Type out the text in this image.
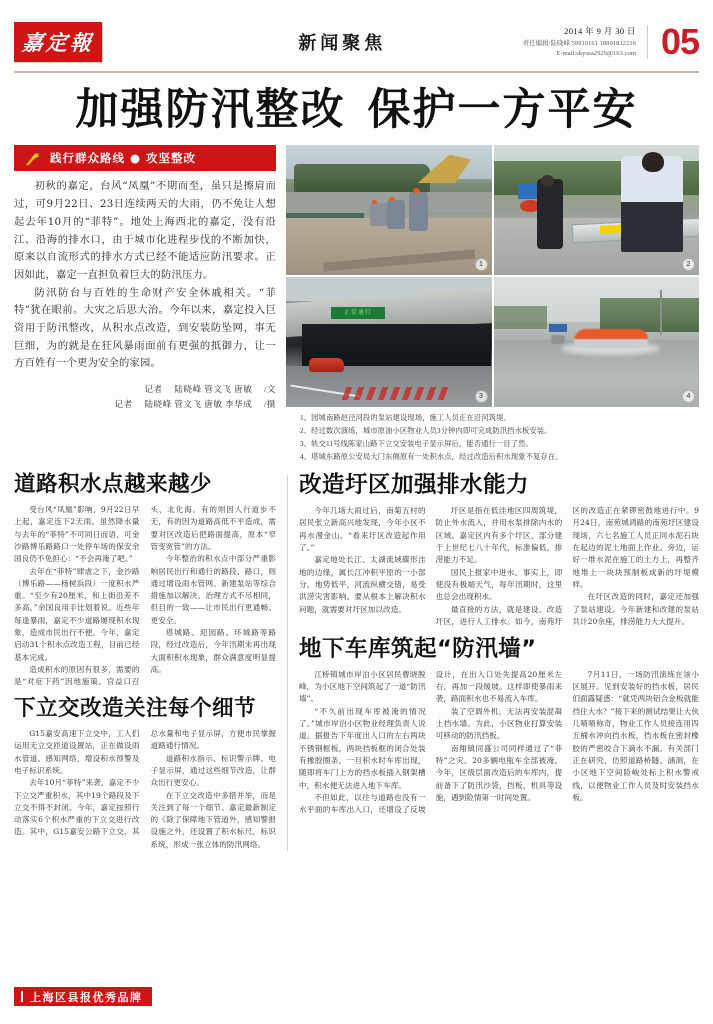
嘉定報	新闻聚焦
2014 年 9 月 30 日
责任编辑/陆晓峰 59910161 18901812216
E-mail:skysea2929@163.com 05
加强防汛整改 保护一方平安
践行群众路线 ● 攻坚整改

初秋的嘉定，台风“凤凰”不期而至，虽只是擦肩而过，可9月22日、23日连续两天的大雨，仍不免让人想起去年10月的“菲特”。地处上海西北的嘉定，没有沿江、沿海的排水口，由于城市化进程步伐的不断加快，原来以自流形式的排水方式已经不能适应防汛要求。正因如此，嘉定一直担负着巨大的防汛压力。

防汛防台与百姓的生命财产安全休戚相关。“菲特”犹在眼前。大灾之后思大治。今年以来，嘉定投入巨资用于防汛整改，从积水点改造，到安装防坠网，事无巨细，为的就是在狂风暴雨面前有更强的抵御力，让一方百姓有一个更为安全的家园。

记者 陆晓峰 管文飞 唐敏 /文
记者 陆晓峰 管文飞 唐敏 李华成 /摄
1	2
正常通行
3	4
1、园城南路赵泾河段的泵站建设现场，施工人员正在沿河筑堤。
2、经过数次演练，城市原油小区物业人员3分钟内即可完成防汛挡水板安装。
3、轨交11号线陈家山路下立交安装电子显示屏后，能否通行一目了然。
4、塔城东路原公安局大门东侧原有一处积水点，经过改造后积水现象不复存在。
道路积水点越来越少

受台风“凤凰”影响，9月22日早上起，嘉定连下2天雨。虽然降水量与去年的“菲特”不可同日而语，可金沙路博乐路路口一处停车场的保安余国良仍不免担心：“不会再淹了吧。”

去年在“菲特”肆虐之下，金沙路（博乐路——杨树浜段）一度积水严重。“至少有20厘米，和上街沿差不多高。”余国良用手比划着说。近些年每逢暴雨，嘉定不少道路屡现积水现象，造成市民出行不便。今年，嘉定启动31个积水点改造工程，目前已经基本完成。

造成积水的原因有很多，需要的是“对症下药”因地施策。官益口召头、北化海。有的则因人行道步不无，有的因为道路高低不平造成，需要对区改造后把路面提高，原本“窄管变宽管”的方法。

今年整治的积水点中部分严重影响居民出行和通行的路段、路口，则通过增设雨水管网、新建泵站等综合措施加以解决。治理方式不尽相同，但目的一致——让市民出行更通畅、更安全。

塔城路、迎园路、环城路等路段，经过改造后，今年汛期未再出现大面积积水现象，群众满意度明显提高。

下立交改造关注每个细节

G15嘉安高速下立交中，工人们运用无立交匝道设置站，正在做设雨水管道、感知网络，增设积水预警及电子标识系统。

去年10月“菲特”来袭，嘉定不少下立交严重积水，其中19个路段及下立交不得不封闭。今年，嘉定按照行动落实6个积水严重的下立交进行改造。其中，G15嘉安公路下立交，其总水量和电子显示屏，方便市民掌握道路通行情况。

道路积水指示、标识警示牌、电子显示屏，通过这些细节改造，让群众出行更安心。

在下立交改造中多措并举，而是关注到了每一个细节。嘉定最新制定的《除了保障地下管道外，感知警报设施之外，还设置了积水标尺，标识系统，形成一张立体的防汛网络。

改造圩区加强排水能力

今年几场大雨过后，南菊五村的居民张立新高兴地发现，今年小区不再水漫金山。“看来圩区改造起作用了。”

嘉定地处长江、太湖流域碟形洼地的边缘，属长江冲积平原的一小部分，地势低平，河流纵横交错，易受洪涝灾害影响。要从根本上解决积水问题，就需要对圩区加以改造。

圩区是指在低洼地区四周筑堤，防止外水流入，并用水泵排除内水的区域。嘉定区内有多个圩区，部分建于上世纪七八十年代，标准偏低，排涝能力不足。

国民上报家中进水。事实上，即使没有极端天气，每年汛期时，这里也总会出现积水。

最直接的方法，就是建设、改造圩区，进行人工排水。如今，南苑圩区的改造正在紧锣密鼓地进行中。9月24日，南苑城鸿路的南苑圩区建设现场，六七名施工人员正同水泥石块在起边的泥土地面上作业。旁边，运好一堆水泥在施工的土方上，再整齐地堆上一块块预制板成新的圩堤模样。

在圩区改造的同时，嘉定还加强了泵站建设。今年新建和改建的泵站共计20余座，排涝能力大大提升。

地下车库筑起“防汛墙”

江桥镇城市岸泊小区居民曹晓脱峰，为小区地下空间筑起了一道“防汛墙”。

“不久前出现车库被淹的情况了。”城市岸泊小区物业经理负责人说道。据报告下年度出人口的左右两块不锈钢框板，两块挡板框的闭合处装有橡胶圈条，一旦积水时车库出现，随即将车门上方的挡水板插入钢架槽中，积水便无法进入地下车库。

不但如此，以往与道路也没有一水平面的车库出入口，还增设了反坡设计，在出入口处先提高20厘米左右，再加一段缓坡。这样即使暴雨来袭，路面积水也不易流入车库。

装了空调外机，无法再安装混凝土挡水墙。为此，小区物业打算安装可移动的防汛挡板。

南翔镇同盛公司同样通过了“菲特”之灾。20多辆电瓶车全部被淹。今年，区级层面改造后的车库内，提前备下了防汛沙袋，挡板，机具等设施，遇到险情第一时间处置。

7月11日，一场防汛演练在该小区展开。见到安装好的挡水板，居民们面露疑惑：“就凭两块铝合金板就能挡住大水？”接下来的测试结果让大伙儿啧啧称奇，物业工作人员接连用四五桶水冲向挡水板，挡水板在密封橡胶的严密咬合下滴水不漏。有关部门正在研究，仿照道路桥隧、涵洞，在小区地下空间险峻处标上积水警戒线，以便物业工作人员及时安装挡水板。

上海区县报优秀品牌
